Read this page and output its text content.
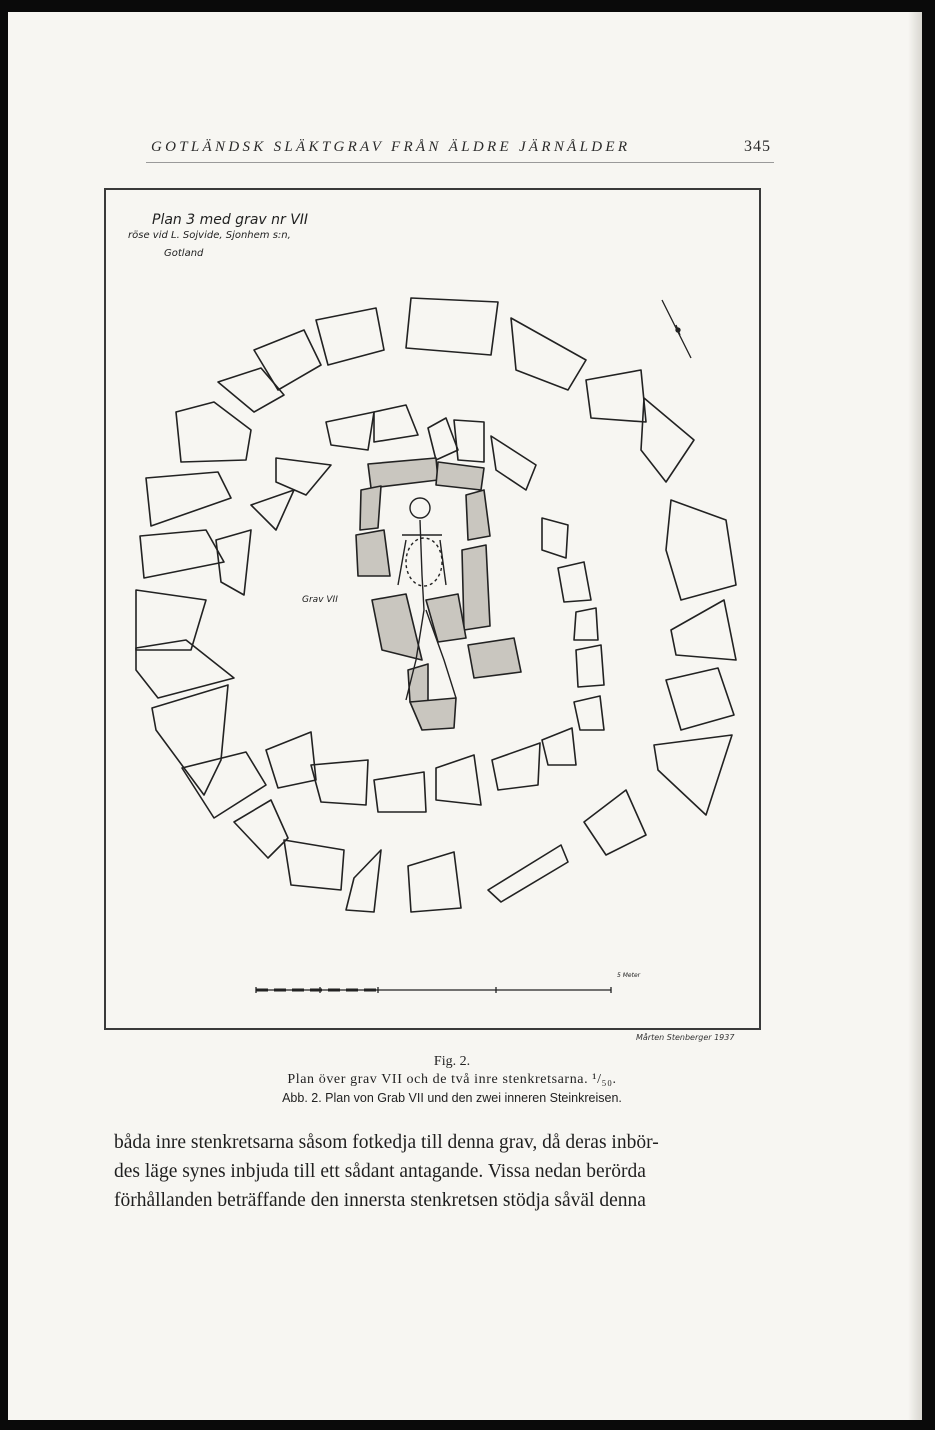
GOTLÄNDSK SLÄKTGRAV FRÅN ÄLDRE JÄRNÅLDER	345
Plan 3 med grav nr VII
röse vid L. Sojvide, Sjonhem s:n,
Gotland
Grav VII
5 Meter
Mårten Stenberger 1937
Fig. 2.
Plan över grav VII och de två inre stenkretsarna. ¹/₅₀.
Abb. 2. Plan von Grab VII und den zwei inneren Steinkreisen.
båda inre stenkretsarna såsom fotkedja till denna grav, då deras inbör-
des läge synes inbjuda till ett sådant antagande. Vissa nedan berörda
förhållanden beträffande den innersta stenkretsen stödja såväl denna
